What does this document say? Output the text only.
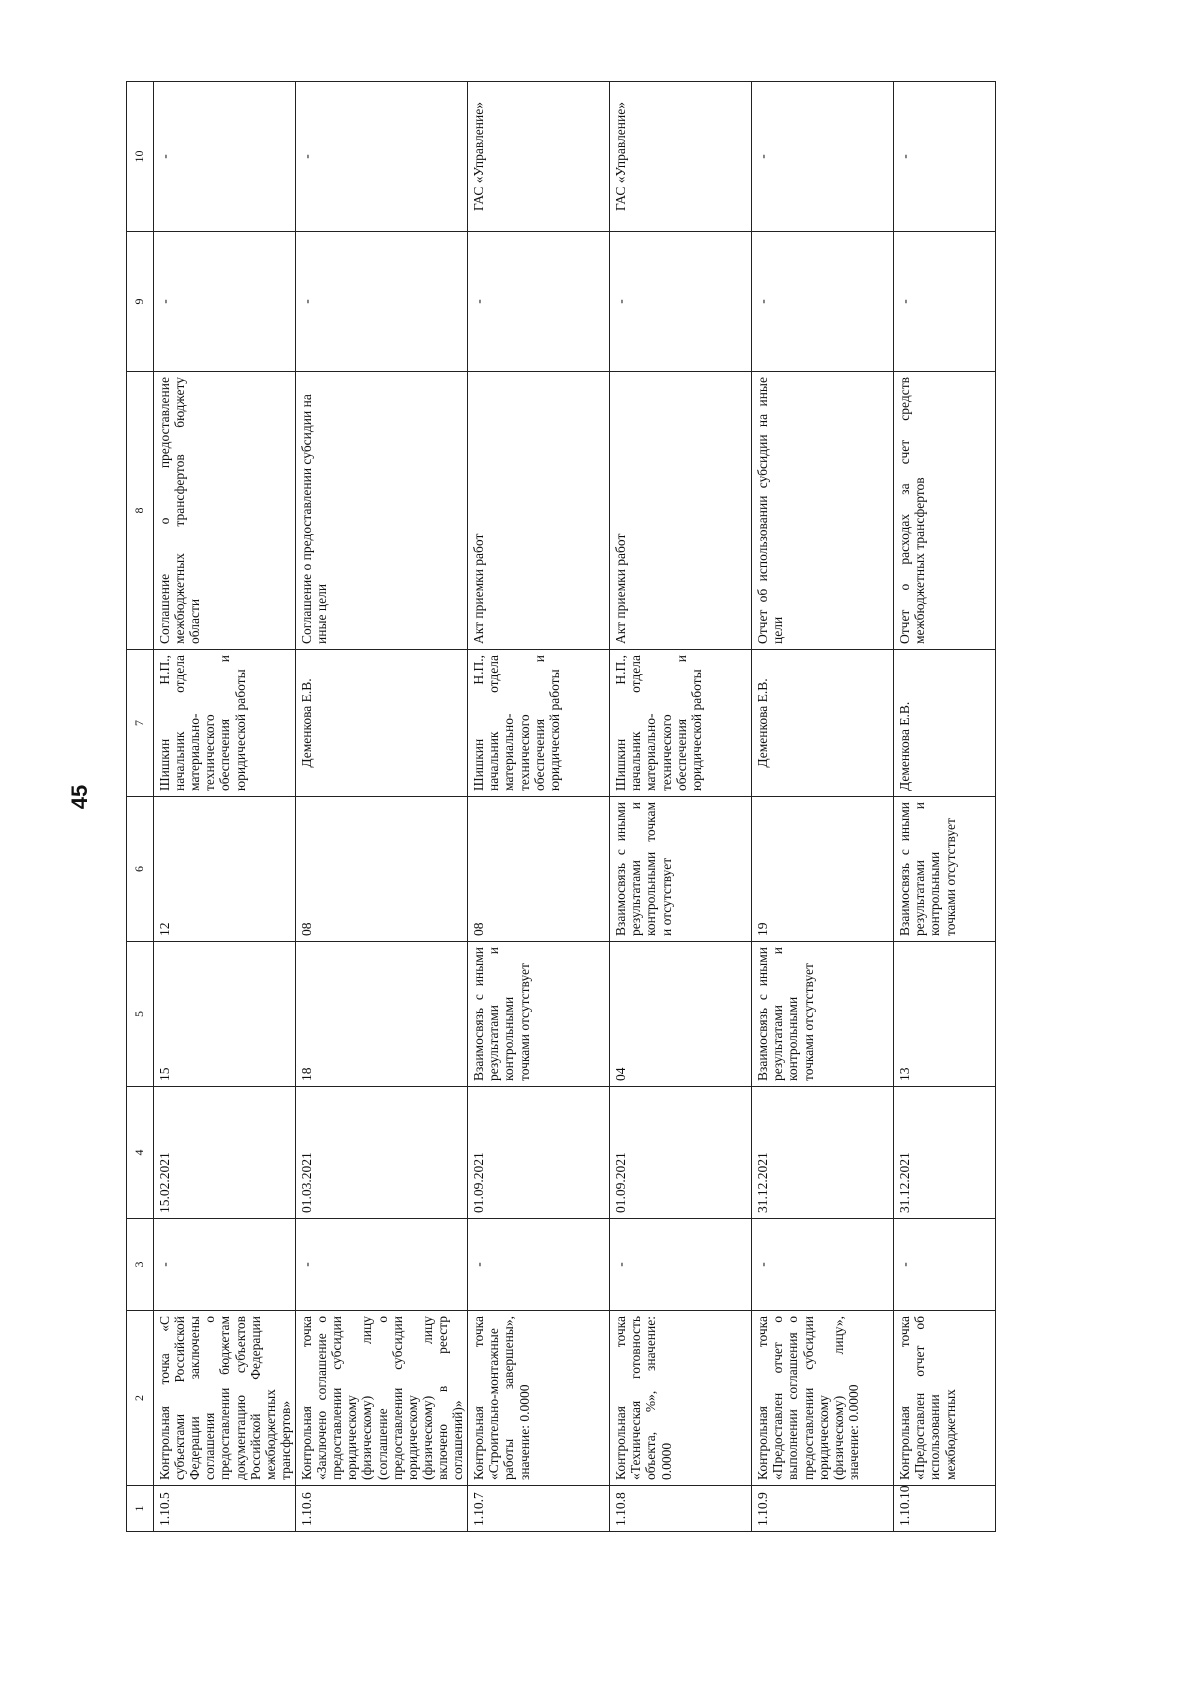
45
1	2	3	4	5	6	7	8	9	10
1.10.5	Контрольная точка «С субъектами Российской Федерации заключены соглашения о предоставлении бюджетам документацию субъектов Российской Федерации межбюджетных трансфертов»	-	15.02.2021	15	12	Шишкин Н.П., начальник отдела материально-технического обеспечения и юридической работы	Соглашение о предоставление межбюджетных трансфертов бюджету области	-	-
1.10.6	Контрольная точка «Заключено соглашение о предоставлении субсидии юридическому (физическому) лицу (соглашение о предоставлении субсидии юридическому (физическому) лицу включено в реестр соглашений)»	-	01.03.2021	18	08	Деменкова Е.В.	Соглашение о предоставлении субсидии на иные цели	-	-
1.10.7	Контрольная точка «Строительно-монтажные работы завершены», значение: 0.0000	-	01.09.2021	Взаимосвязь с иными результатами и контрольными точками отсутствует	08	Шишкин Н.П., начальник отдела материально-технического обеспечения и юридической работы	Акт приемки работ	-	ГАС «Управление»
1.10.8	Контрольная точка «Техническая готовность объекта, %», значение: 0.0000	-	01.09.2021	04	Взаимосвязь с иными результатами и контрольными точкам и отсутствует	Шишкин Н.П., начальник отдела материально-технического обеспечения и юридической работы	Акт приемки работ	-	ГАС «Управление»
1.10.9	Контрольная точка «Предоставлен отчет о выполнении соглашения о предоставлении субсидии юридическому (физическому) лицу», значение: 0.0000	-	31.12.2021	Взаимосвязь с иными результатами и контрольными точками отсутствует	19	Деменкова Е.В.	Отчет об использовании субсидии на иные цели	-	-
1.10.10	Контрольная точка «Предоставлен отчет об использовании межбюджетных	-	31.12.2021	13	Взаимосвязь с иными результатами и контрольными точками отсутствует	Деменкова Е.В.	Отчет о расходах за счет средств межбюджетных трансфертов	-	-
